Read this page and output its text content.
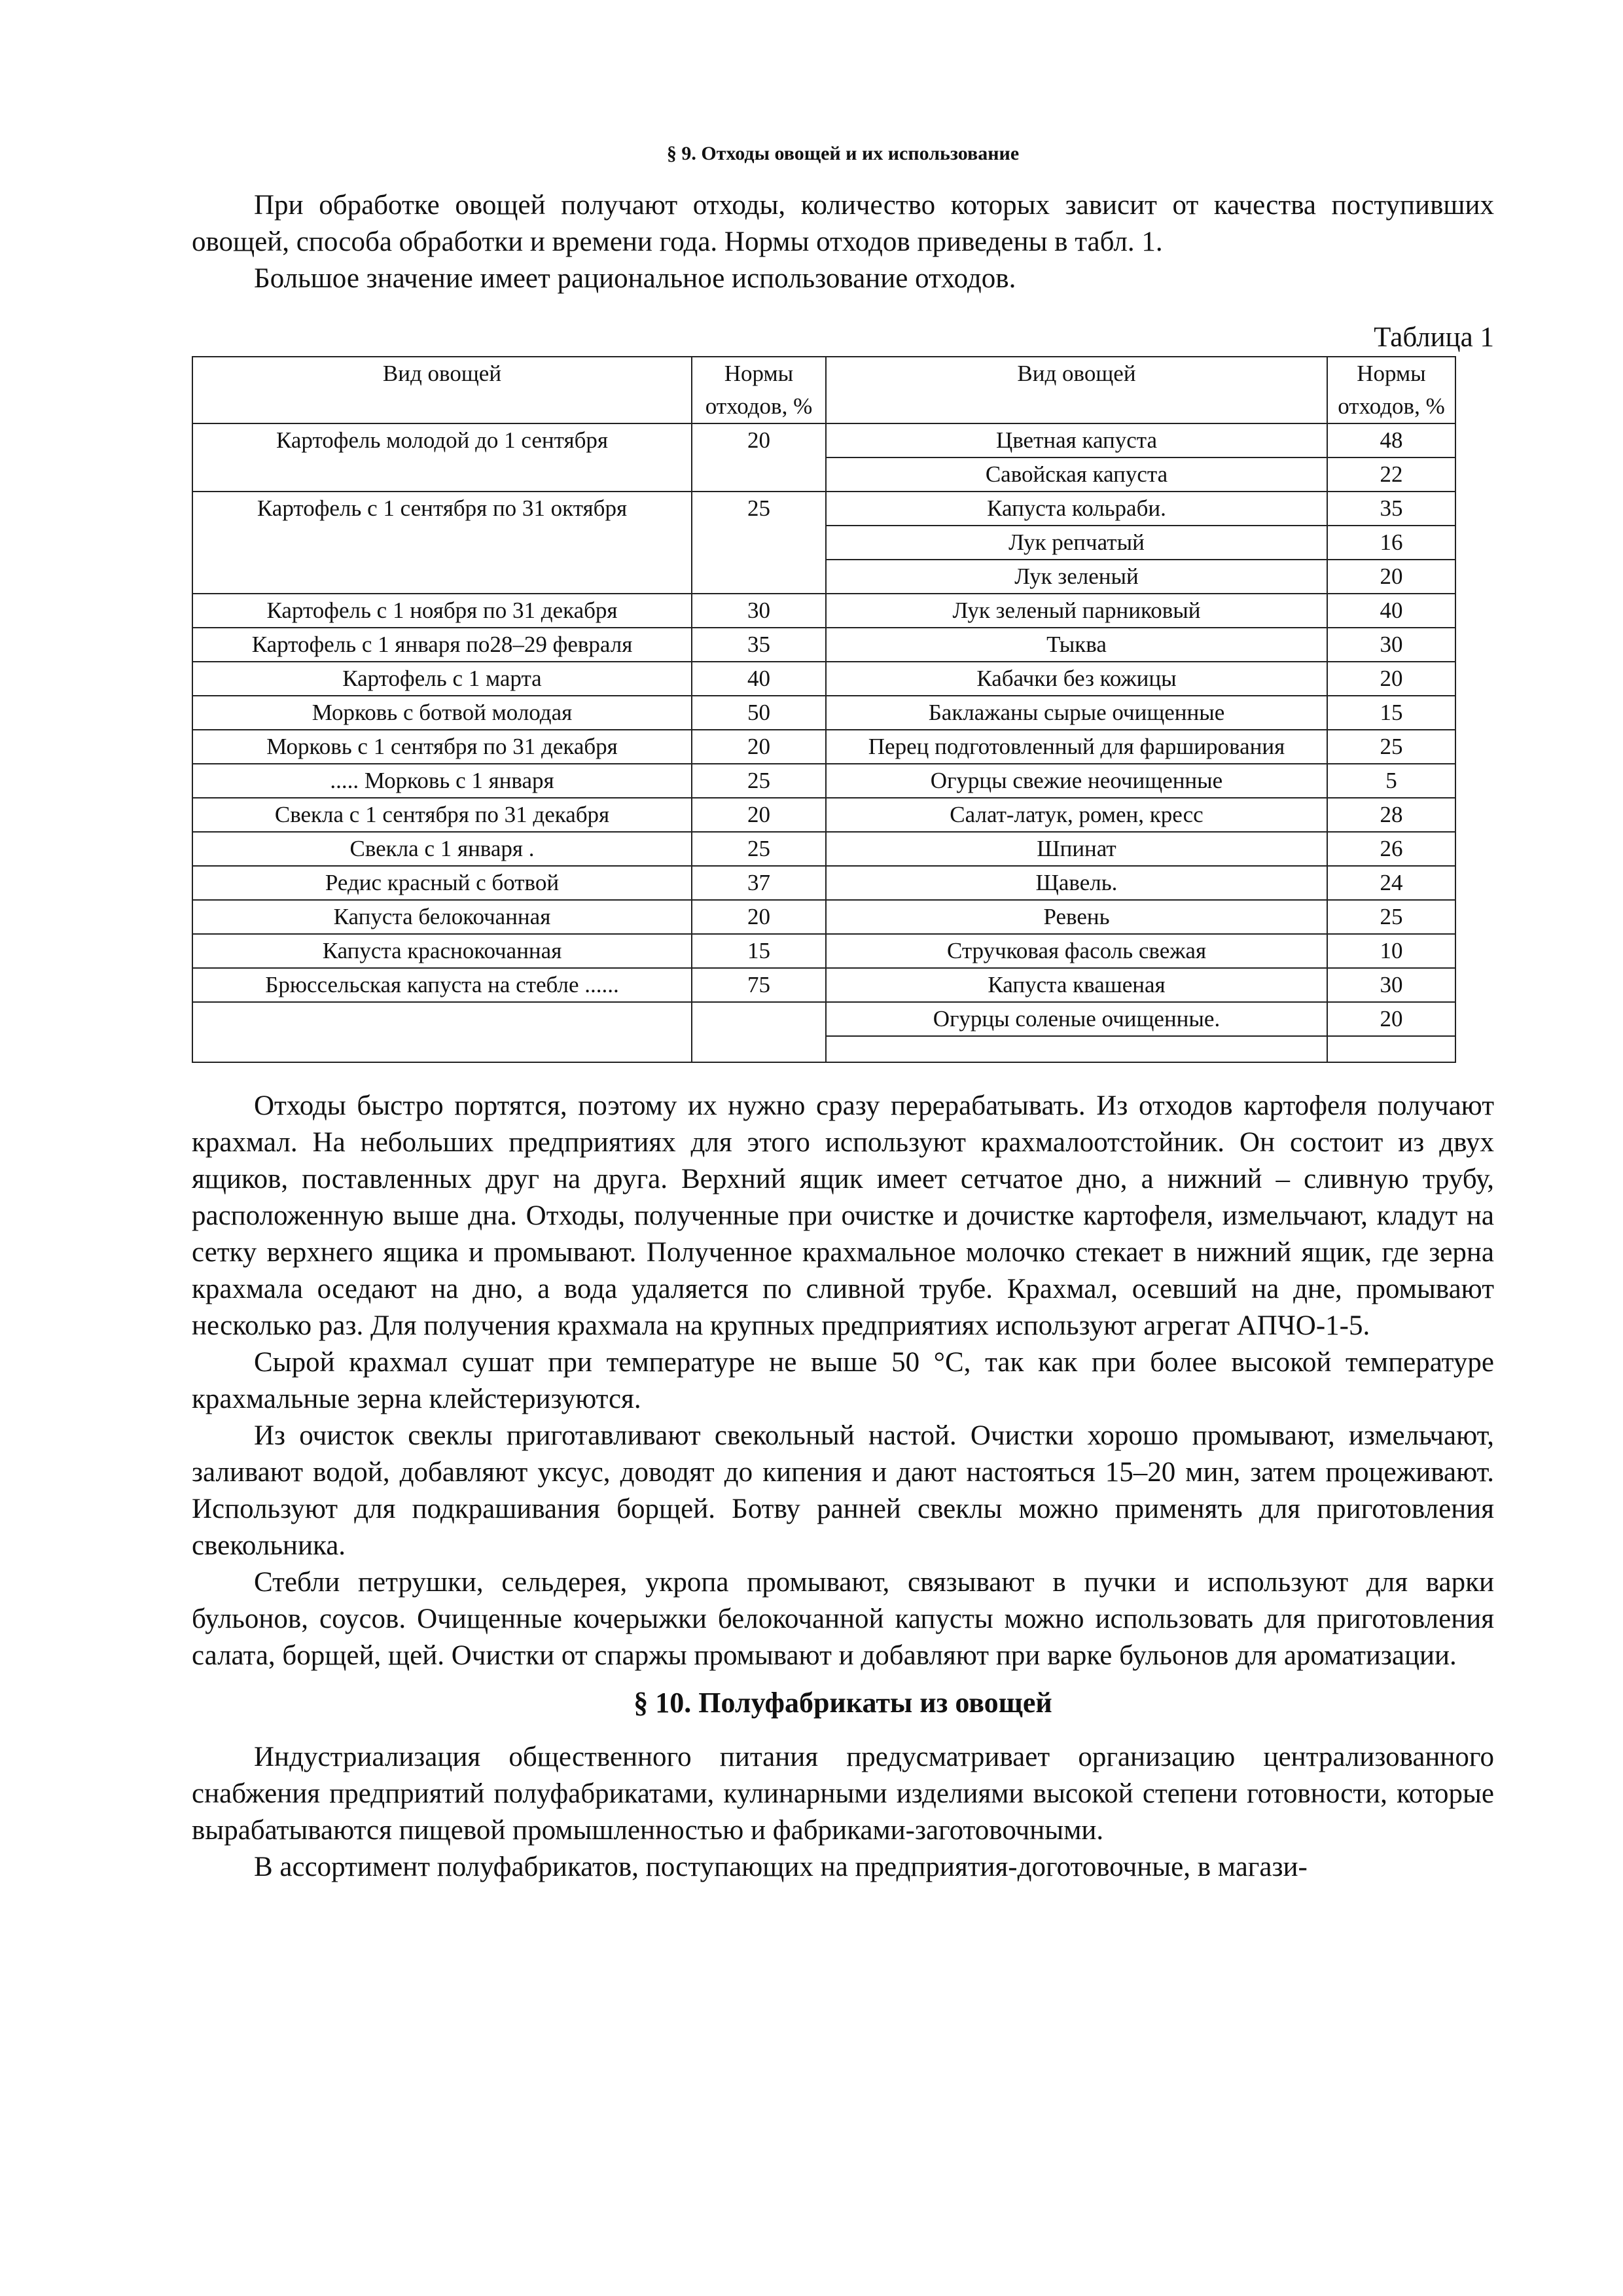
§ 9. Отходы овощей и их использование

При обработке овощей получают отходы, количество которых зависит от качества поступивших овощей, способа обработки и времени года. Нормы отходов приведены в табл. 1.

Большое значение имеет рациональное использование отходов.

Таблица 1
Вид овощей	Нормы отходов, %	Вид овощей	Нормы отходов, %
Картофель молодой до 1 сентября	20	Цветная капуста	48
		Савойская капуста	22
Картофель с 1 сентября по 31 октября	25	Капуста кольраби.	35
		Лук репчатый	16
		Лук зеленый	20
Картофель с 1 ноября по 31 декабря	30	Лук зеленый парниковый	40
Картофель с 1 января по28–29 февраля	35	Тыква	30
Картофель с 1 марта	40	Кабачки без кожицы	20
Морковь с ботвой молодая	50	Баклажаны сырые очищенные	15
Морковь с 1 сентября по 31 декабря	20	Перец подготовленный для фарширования	25
..... Морковь с 1 января	25	Огурцы свежие неочищенные	5
Свекла с 1 сентября по 31 декабря	20	Салат-латук, ромен, кресс	28
Свекла с 1 января .	25	Шпинат	26
Редис красный с ботвой	37	Щавель.	24
Капуста белокочанная	20	Ревень	25
Капуста краснокочанная	15	Стручковая фасоль свежая	10
Брюссельская капуста на стебле ......	75	Капуста квашеная	30
		Огурцы соленые очищенные.	20

Отходы быстро портятся, поэтому их нужно сразу перерабатывать. Из отходов картофеля получают крахмал. На небольших предприятиях для этого используют крахмалоотстойник. Он состоит из двух ящиков, поставленных друг на друга. Верхний ящик имеет сетчатое дно, а нижний – сливную трубу, расположенную выше дна. Отходы, полученные при очистке и дочистке картофеля, измельчают, кладут на сетку верхнего ящика и промывают. Полученное крахмальное молочко стекает в нижний ящик, где зерна крахмала оседают на дно, а вода удаляется по сливной трубе. Крахмал, осевший на дне, промывают несколько раз. Для получения крахмала на крупных предприятиях используют агрегат АПЧО-1-5.

Сырой крахмал сушат при температуре не выше 50 °С, так как при более высокой температуре крахмальные зерна клейстеризуются.

Из очисток свеклы приготавливают свекольный настой. Очистки хорошо промывают, измельчают, заливают водой, добавляют уксус, доводят до кипения и дают настояться 15–20 мин, затем процеживают. Используют для подкрашивания борщей. Ботву ранней свеклы можно применять для приготовления свекольника.

Стебли петрушки, сельдерея, укропа промывают, связывают в пучки и используют для варки бульонов, соусов. Очищенные кочерыжки белокочанной капусты можно использовать для приготовления салата, борщей, щей. Очистки от спаржы промывают и добавляют при варке бульонов для ароматизации.

§ 10. Полуфабрикаты из овощей

Индустриализация общественного питания предусматривает организацию централизованного снабжения предприятий полуфабрикатами, кулинарными изделиями высокой степени готовности, которые вырабатываются пищевой промышленностью и фабриками-заготовочными.

В ассортимент полуфабрикатов, поступающих на предприятия-доготовочные, в магази-
